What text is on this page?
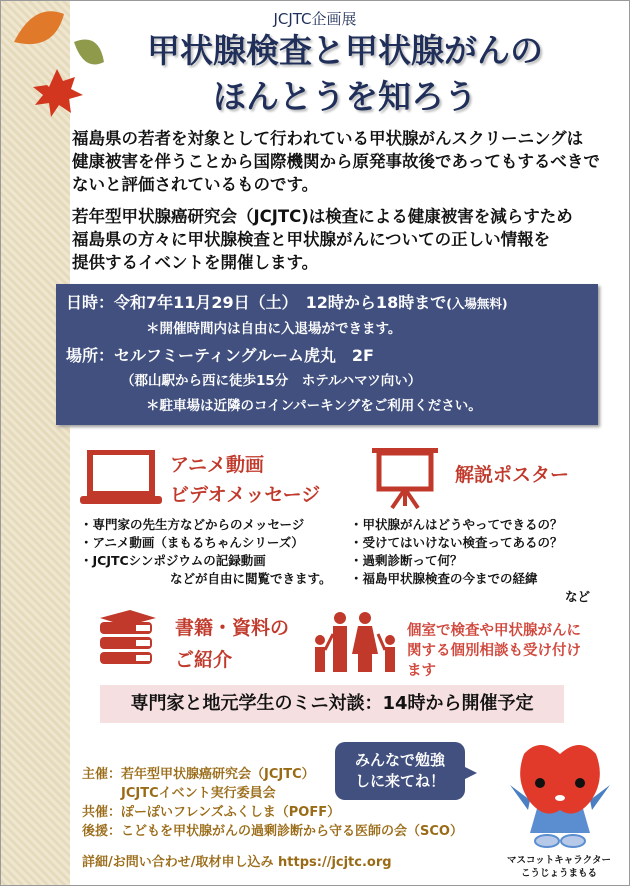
JCJTC企画展
甲状腺検査と甲状腺がんの
ほんとうを知ろう
福島県の若者を対象として行われている甲状腺がんスクリーニングは
健康被害を伴うことから国際機関から原発事故後であってもするべきで
ないと評価されているものです。
若年型甲状腺癌研究会（JCJTC)は検査による健康被害を減らすため
福島県の方々に甲状腺検査と甲状腺がんについての正しい情報を
提供するイベントを開催します。
日時：令和7年11月29日（土）　12時から18時まで(入場無料)
＊開催時間内は自由に入退場ができます。
場所：セルフミーティングルーム虎丸　2F
（郡山駅から西に徒歩15分　ホテルハマツ向い）
＊駐車場は近隣のコインパーキングをご利用ください。
アニメ動画
ビデオメッセージ
解説ポスター
・専門家の先生方などからのメッセージ
・アニメ動画（まもるちゃんシリーズ）
・JCJTCシンポジウムの記録動画
などが自由に閲覧できます。
・甲状腺がんはどうやってできるの？
・受けてはいけない検査ってあるの？
・過剰診断って何？
・福島甲状腺検査の今までの経緯
など
書籍・資料の
ご紹介
個室で検査や甲状腺がんに
関する個別相談も受け付け
ます
専門家と地元学生のミニ対談：14時から開催予定
主催：若年型甲状腺癌研究会（JCJTC）
　　　JCJTCイベント実行委員会
共催：ぽーぽいフレンズふくしま（POFF）
後援：こどもを甲状腺がんの過剰診断から守る医師の会（SCO）
詳細/お問い合わせ/取材申し込み https://jcjtc.org
みんなで勉強
しに来てね！
マスコットキャラクター
こうじょうまもる
